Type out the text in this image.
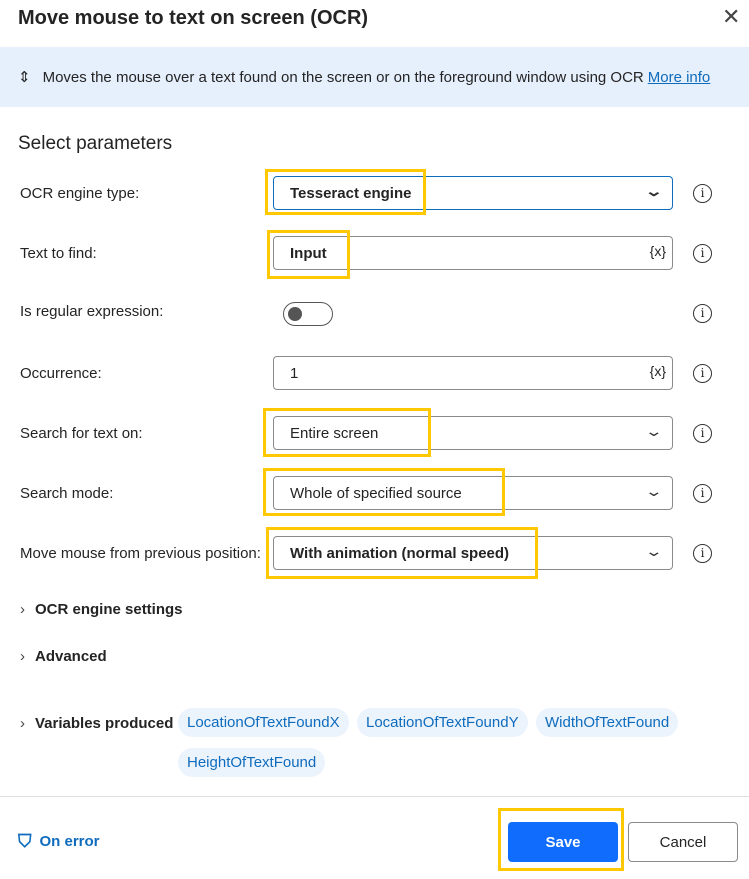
Move mouse to text on screen (OCR)	✕
⇕ Moves the mouse over a text found on the screen or on the foreground window using OCR More info
Select parameters
OCR engine type:	Tesseract engine	⌄	i
Text to find:	Input	{x}	i
Is regular expression:	i
Occurrence:	1	{x}	i
Search for text on:	Entire screen	⌄	i
Search mode:	Whole of specified source	⌄	i
Move mouse from previous position: With animation (normal speed)	⌄	i
› OCR engine settings
› Advanced
› Variables produced LocationOfTextFoundX	LocationOfTextFoundY	WidthOfTextFound
HeightOfTextFound
⛉ On error	Save	Cancel
